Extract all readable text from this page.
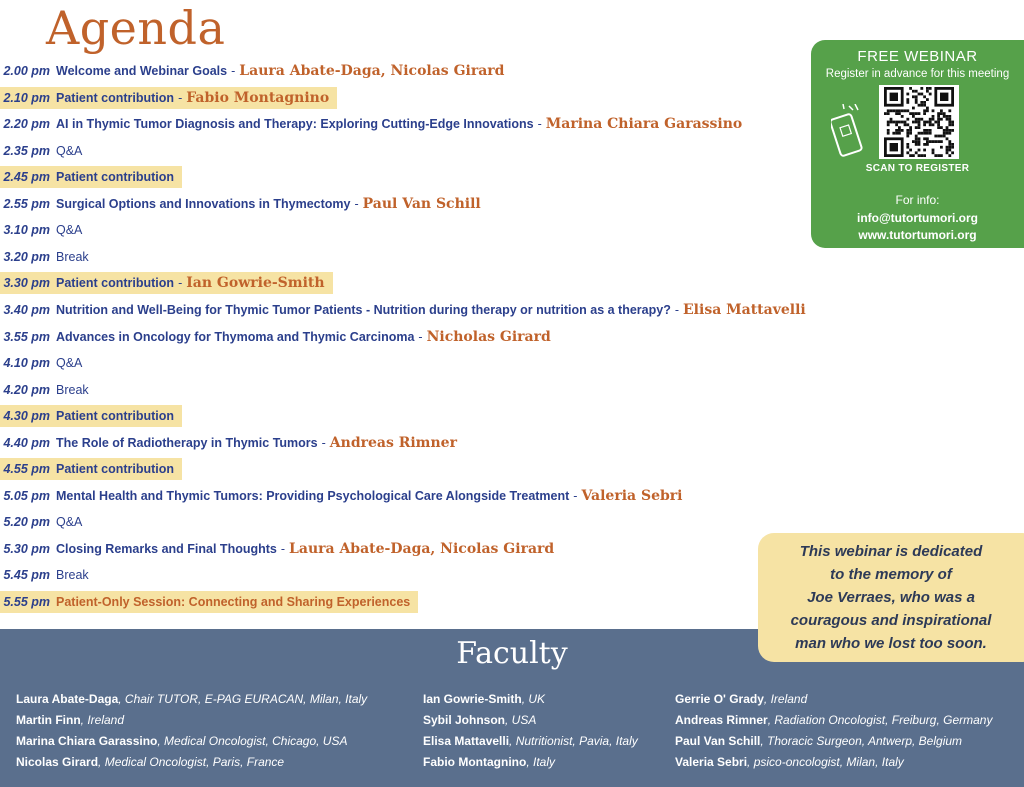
Agenda
2.00 pm Welcome and Webinar Goals - Laura Abate-Daga, Nicolas Girard
2.10 pm Patient contribution - Fabio Montagnino
2.20 pm AI in Thymic Tumor Diagnosis and Therapy: Exploring Cutting-Edge Innovations - Marina Chiara Garassino
2.35 pm Q&A
2.45 pm Patient contribution
2.55 pm Surgical Options and Innovations in Thymectomy - Paul Van Schill
3.10 pm Q&A
3.20 pm Break
3.30 pm Patient contribution - Ian Gowrie-Smith
3.40 pm Nutrition and Well-Being for Thymic Tumor Patients - Nutrition during therapy or nutrition as a therapy? - Elisa Mattavelli
3.55 pm Advances in Oncology for Thymoma and Thymic Carcinoma - Nicholas Girard
4.10 pm Q&A
4.20 pm Break
4.30 pm Patient contribution
4.40 pm The Role of Radiotherapy in Thymic Tumors - Andreas Rimner
4.55 pm Patient contribution
5.05 pm Mental Health and Thymic Tumors: Providing Psychological Care Alongside Treatment - Valeria Sebri
5.20 pm Q&A
5.30 pm Closing Remarks and Final Thoughts - Laura Abate-Daga, Nicolas Girard
5.45 pm Break
5.55 pm Patient-Only Session: Connecting and Sharing Experiences
FREE WEBINAR
Register in advance for this meeting
SCAN TO REGISTER
For info:
info@tutortumori.org
www.tutortumori.org
Faculty
Laura Abate-Daga, Chair TUTOR, E-PAG EURACAN, Milan, Italy
Martin Finn, Ireland
Marina Chiara Garassino, Medical Oncologist, Chicago, USA
Nicolas Girard, Medical Oncologist, Paris, France
Ian Gowrie-Smith, UK
Sybil Johnson, USA
Elisa Mattavelli, Nutritionist, Pavia, Italy
Fabio Montagnino, Italy
Gerrie O' Grady, Ireland
Andreas Rimner, Radiation Oncologist, Freiburg, Germany
Paul Van Schill, Thoracic Surgeon, Antwerp, Belgium
Valeria Sebri, psico-oncologist, Milan, Italy
This webinar is dedicated
to the memory of
Joe Verraes, who was a
couragous and inspirational
man who we lost too soon.
